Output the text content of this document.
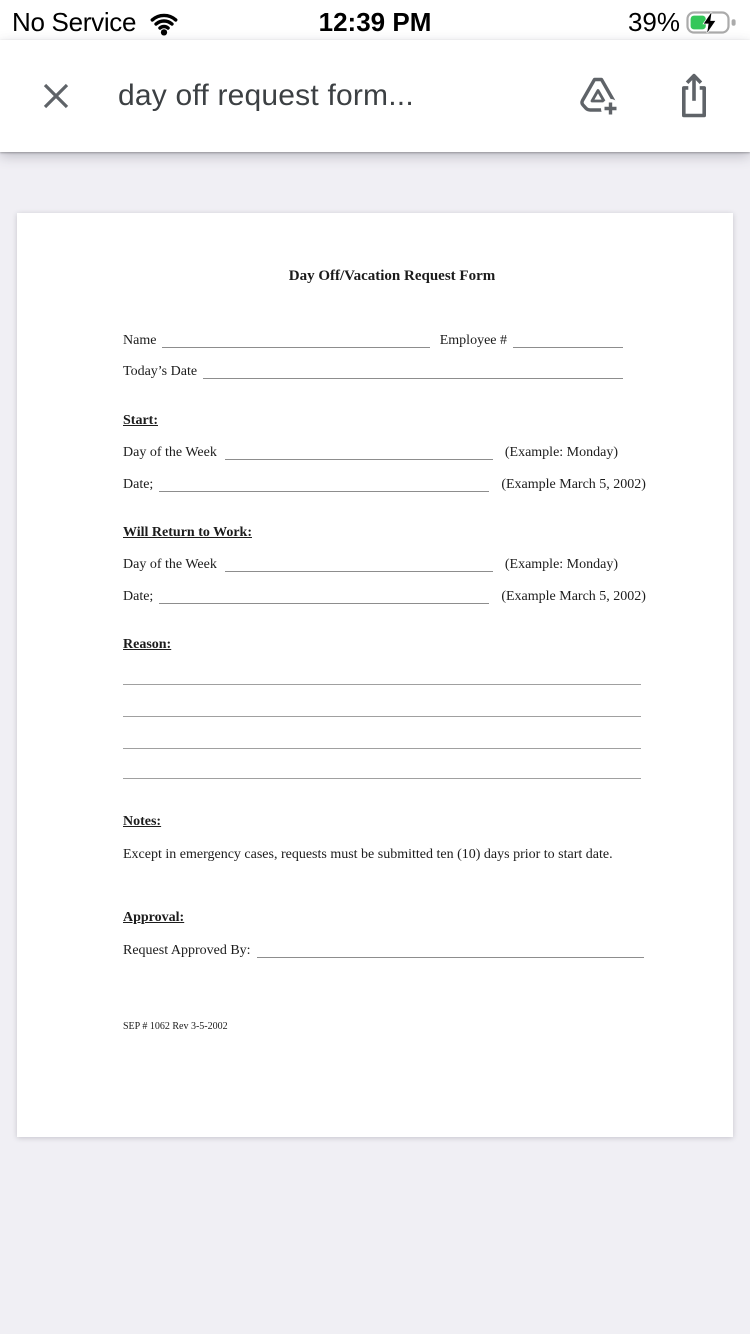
No Service	12:39 PM	39%
day off request form...
Day Off/Vacation Request Form
Name	Employee #
Today’s Date
Start:
Day of the Week	(Example: Monday)
Date;	(Example March 5, 2002)
Will Return to Work:
Day of the Week	(Example: Monday)
Date;	(Example March 5, 2002)
Reason:
Notes:
Except in emergency cases, requests must be submitted ten (10) days prior to start date.
Approval:
Request Approved By:
SEP # 1062 Rev 3-5-2002
